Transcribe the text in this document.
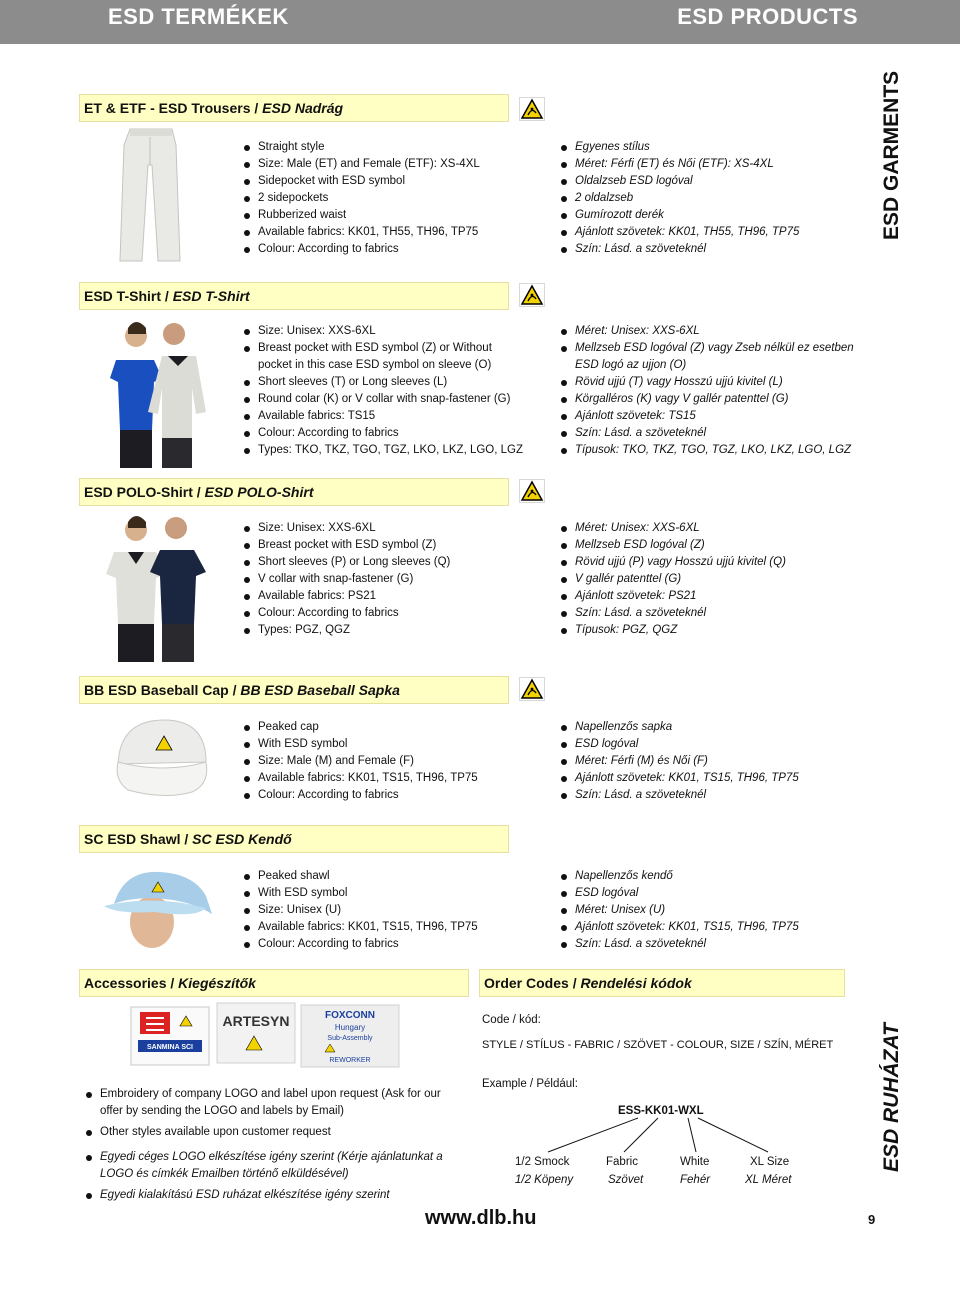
ESD TERMÉKEK	ESD PRODUCTS
ESD GARMENTS
ESD RUHÁZAT
ET & ETF - ESD Trousers / ESD Nadrág
Straight style
Size: Male (ET) and Female (ETF): XS-4XL
Sidepocket with ESD symbol
2 sidepockets
Rubberized waist
Available fabrics: KK01, TH55, TH96, TP75
Colour: According to fabrics
Egyenes stílus
Méret: Férfi (ET) és Női (ETF): XS-4XL
Oldalzseb ESD logóval
2 oldalzseb
Gumírozott derék
Ajánlott szövetek: KK01, TH55, TH96, TP75
Szín: Lásd. a szöveteknél
ESD T-Shirt / ESD T-Shirt
Size: Unisex: XXS-6XL
Breast pocket with ESD symbol (Z) or Without pocket in this case ESD symbol on sleeve (O)
Short sleeves (T) or Long sleeves (L)
Round colar (K) or V collar with snap-fastener (G)
Available fabrics: TS15
Colour: According to fabrics
Types: TKO, TKZ, TGO, TGZ, LKO, LKZ, LGO, LGZ
Méret: Unisex: XXS-6XL
Mellzseb ESD logóval (Z) vagy Zseb nélkül ez esetben ESD logó az ujjon (O)
Rövid ujjú (T) vagy Hosszú ujjú kivitel (L)
Körgalléros (K) vagy V gallér patenttel (G)
Ajánlott szövetek: TS15
Szín: Lásd. a szöveteknél
Típusok: TKO, TKZ, TGO, TGZ, LKO, LKZ, LGO, LGZ
ESD POLO-Shirt / ESD POLO-Shirt
Size: Unisex: XXS-6XL
Breast pocket with ESD symbol (Z)
Short sleeves (P) or Long sleeves (Q)
V collar with snap-fastener (G)
Available fabrics: PS21
Colour: According to fabrics
Types: PGZ, QGZ
Méret: Unisex: XXS-6XL
Mellzseb ESD logóval (Z)
Rövid ujjú (P) vagy Hosszú ujjú kivitel (Q)
V gallér patenttel (G)
Ajánlott szövetek: PS21
Szín: Lásd. a szöveteknél
Típusok: PGZ, QGZ
BB ESD Baseball Cap / BB ESD Baseball Sapka
Peaked cap
With ESD symbol
Size: Male (M) and Female (F)
Available fabrics: KK01, TS15, TH96, TP75
Colour: According to fabrics
Napellenzős sapka
ESD logóval
Méret: Férfi (M) és Női (F)
Ajánlott szövetek: KK01, TS15, TH96, TP75
Szín: Lásd. a szöveteknél
SC ESD Shawl / SC ESD Kendő
Peaked shawl
With ESD symbol
Size: Unisex (U)
Available fabrics: KK01, TS15, TH96, TP75
Colour: According to fabrics
Napellenzős kendő
ESD logóval
Méret: Unisex (U)
Ajánlott szövetek: KK01, TS15, TH96, TP75
Szín: Lásd. a szöveteknél
Accessories / Kiegészítők
SANMINA SCI
ARTESYN	FOXCONN
Hungary
Sub-Assembly
REWORKER
Embroidery of company LOGO and label upon request (Ask for our offer by sending the LOGO and labels by Email)
Other styles available upon customer request
Egyedi céges LOGO elkészítése igény szerint (Kérje ajánlatunkat a LOGO és címkék Emailben történő elküldésével)
Egyedi kialakítású ESD ruházat elkészítése igény szerint
Order Codes / Rendelési kódok
Code / kód:
STYLE / STÍLUS - FABRIC / SZÖVET - COLOUR, SIZE / SZÍN, MÉRET
Example / Például:
ESS-KK01-WXL
1/2 Smock	Fabric	White	XL Size
1/2 Köpeny	Szövet	Fehér	XL Méret
www.dlb.hu	9
